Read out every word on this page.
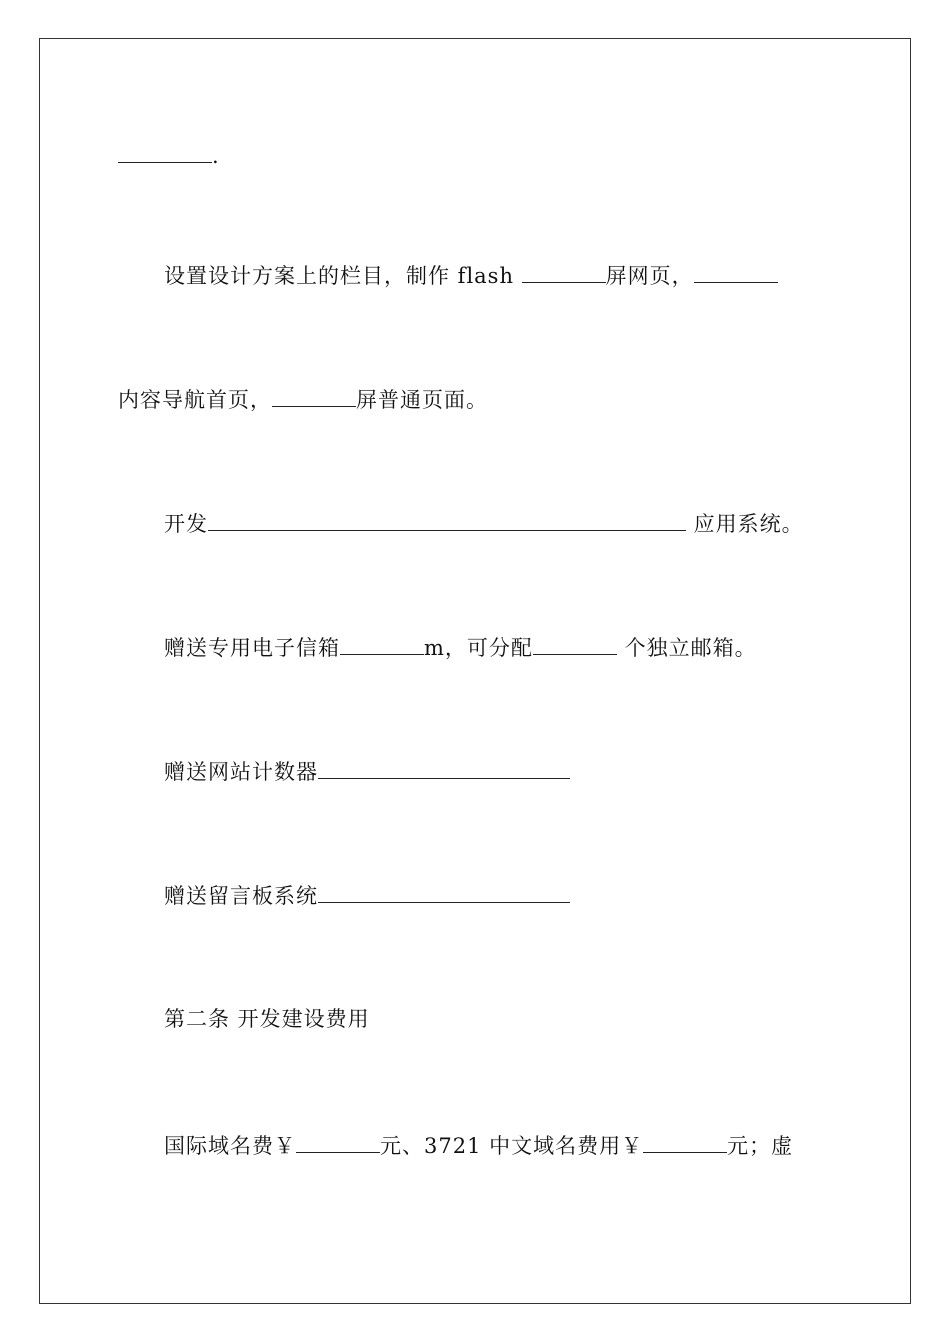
.
设置设计方案上的栏目，制作 flash	屏网页，
内容导航首页，	屏普通页面。
开发	应用系统。
赠送专用电子信箱	m，可分配	个独立邮箱。
赠送网站计数器
赠送留言板系统
第二条 开发建设费用
国际域名费￥	元、3721 中文域名费用￥	元；虚
